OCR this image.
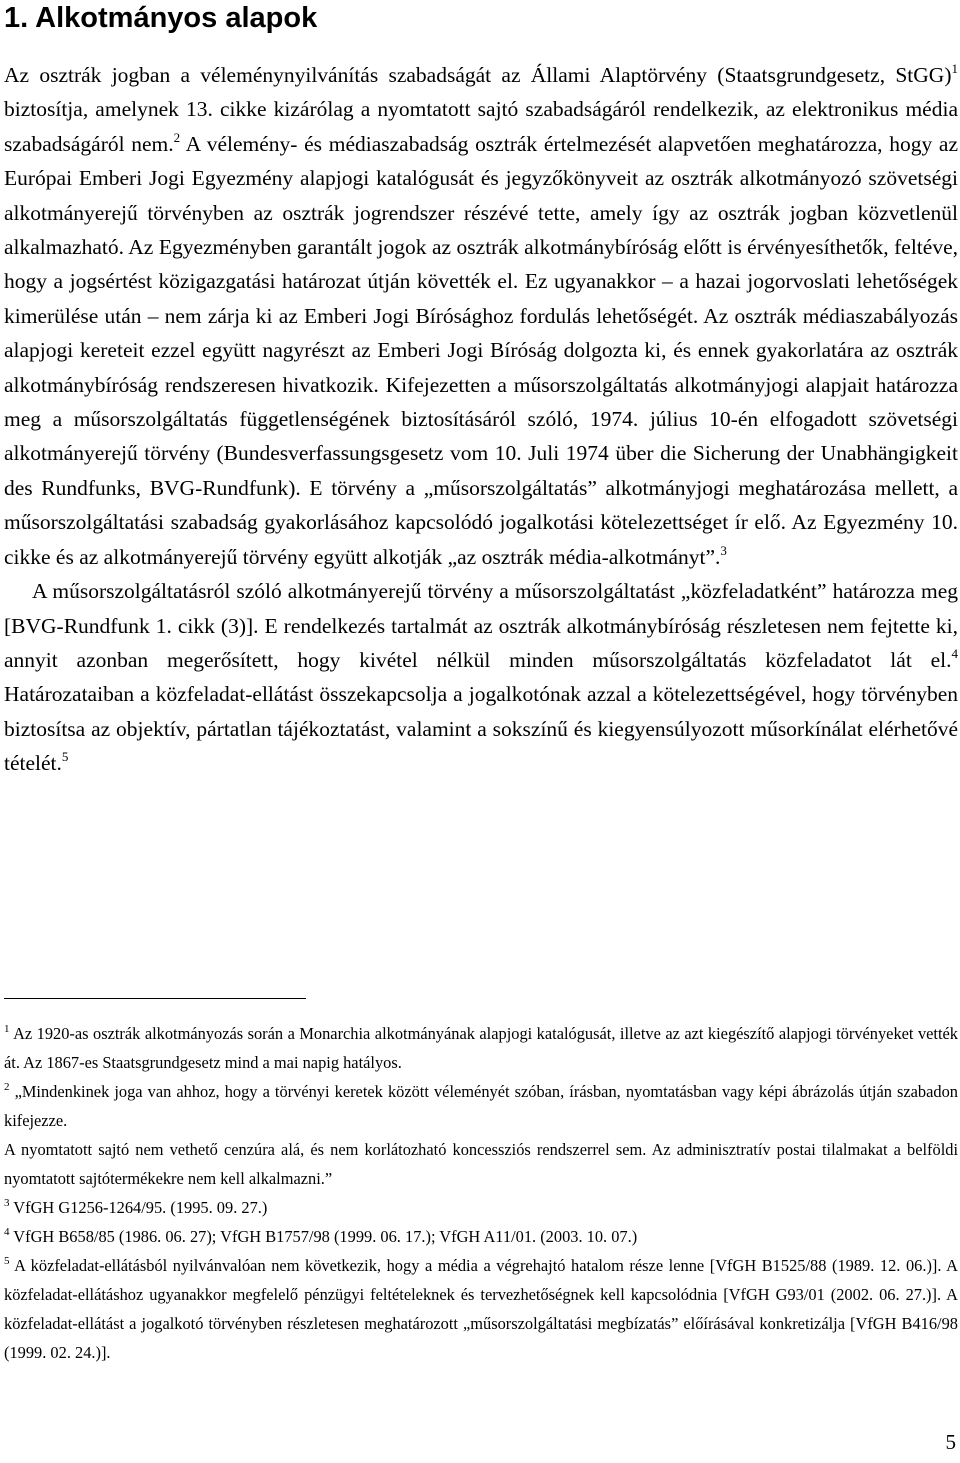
1. Alkotmányos alapok

Az osztrák jogban a véleménynyilvánítás szabadságát az Állami Alaptörvény (Staatsgrundgesetz, StGG)$^1$ biztosítja, amelynek 13. cikke kizárólag a nyomtatott sajtó szabadságáról rendelkezik, az elektronikus média szabadságáról nem.$^2$ A vélemény- és médiaszabadság osztrák értelmezését alapvetően meghatározza, hogy az Európai Emberi Jogi Egyezmény alapjogi katalógusát és jegyzőkönyveit az osztrák alkotmányozó szövetségi alkotmányerejű törvényben az osztrák jogrendszer részévé tette, amely így az osztrák jogban közvetlenül alkalmazható. Az Egyezményben garantált jogok az osztrák alkotmánybíróság előtt is érvényesíthetők, feltéve, hogy a jogsértést közigazgatási határozat útján követték el. Ez ugyanakkor – a hazai jogorvoslati lehetőségek kimerülése után – nem zárja ki az Emberi Jogi Bírósághoz fordulás lehetőségét. Az osztrák médiaszabályozás alapjogi kereteit ezzel együtt nagyrészt az Emberi Jogi Bíróság dolgozta ki, és ennek gyakorlatára az osztrák alkotmánybíróság rendszeresen hivatkozik. Kifejezetten a műsorszolgáltatás alkotmányjogi alapjait határozza meg a műsorszolgáltatás függetlenségének biztosításáról szóló, 1974. július 10-én elfogadott szövetségi alkotmányerejű törvény (Bundesverfassungsgesetz vom 10. Juli 1974 über die Sicherung der Unabhängigkeit des Rundfunks, BVG-Rundfunk). E törvény a „műsorszolgáltatás” alkotmányjogi meghatározása mellett, a műsorszolgáltatási szabadság gyakorlásához kapcsolódó jogalkotási kötelezettséget ír elő. Az Egyezmény 10. cikke és az alkotmányerejű törvény együtt alkotják „az osztrák média-alkotmányt”.$^3$

A műsorszolgáltatásról szóló alkotmányerejű törvény a műsorszolgáltatást „közfeladatként” határozza meg [BVG-Rundfunk 1. cikk (3)]. E rendelkezés tartalmát az osztrák alkotmánybíróság részletesen nem fejtette ki, annyit azonban megerősített, hogy kivétel nélkül minden műsorszolgáltatás közfeladatot lát el.$^4$ Határozataiban a közfeladat-ellátást összekapcsolja a jogalkotónak azzal a kötelezettségével, hogy törvényben biztosítsa az objektív, pártatlan tájékoztatást, valamint a sokszínű és kiegyensúlyozott műsorkínálat elérhetővé tételét.$^5$

$^1$ Az 1920-as osztrák alkotmányozás során a Monarchia alkotmányának alapjogi katalógusát, illetve az azt kiegészítő alapjogi törvényeket vették át. Az 1867-es Staatsgrundgesetz mind a mai napig hatályos.

$^2$ „Mindenkinek joga van ahhoz, hogy a törvényi keretek között véleményét szóban, írásban, nyomtatásban vagy képi ábrázolás útján szabadon kifejezze.

A nyomtatott sajtó nem vethető cenzúra alá, és nem korlátozható koncessziós rendszerrel sem. Az adminisztratív postai tilalmakat a belföldi nyomtatott sajtótermékekre nem kell alkalmazni.”

$^3$ VfGH G1256-1264/95. (1995. 09. 27.)

$^4$ VfGH B658/85 (1986. 06. 27); VfGH B1757/98 (1999. 06. 17.); VfGH A11/01. (2003. 10. 07.)

$^5$ A közfeladat-ellátásból nyilvánvalóan nem következik, hogy a média a végrehajtó hatalom része lenne [VfGH B1525/88 (1989. 12. 06.)]. A közfeladat-ellátáshoz ugyanakkor megfelelő pénzügyi feltételeknek és tervezhetőségnek kell kapcsolódnia [VfGH G93/01 (2002. 06. 27.)]. A közfeladat-ellátást a jogalkotó törvényben részletesen meghatározott „műsorszolgáltatási megbízatás” előírásával konkretizálja [VfGH B416/98 (1999. 02. 24.)].

5
